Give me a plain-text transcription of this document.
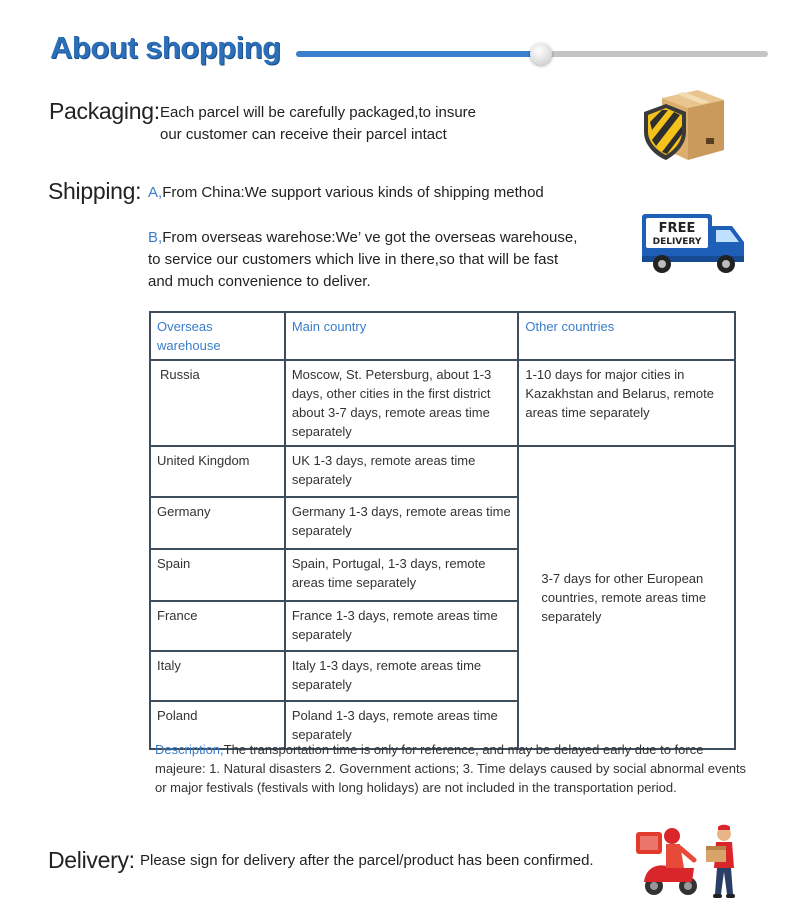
About shopping
Packaging: Each parcel will be carefully packaged,to insure
our customer can receive their parcel intact
Shipping: A,From China:We support various kinds of shipping method
B,From overseas warehose:We’ ve got the overseas warehouse,
to service our customers which live in there,so that will be fast
and much convenience to deliver.
FREE
DELIVERY
Overseas warehouse	Main country	Other countries
Russia	Moscow, St. Petersburg, about 1-3 days, other cities in the first district about 3-7 days, remote areas time separately	1-10 days for major cities in Kazakhstan and Belarus, remote areas time separately
United Kingdom	UK 1-3 days, remote areas time separately	3-7 days for other European countries, remote areas time separately
Germany	Germany 1-3 days, remote areas time separately	
Spain	Spain, Portugal, 1-3 days, remote areas time separately	
France	France 1-3 days, remote areas time separately	
Italy	Italy 1-3 days, remote areas time separately	
Poland	Poland 1-3 days, remote areas time separately	
Description,The transportation time is only for reference, and may be delayed early due to force majeure: 1. Natural disasters 2. Government actions; 3. Time delays caused by social abnormal events or major festivals (festivals with long holidays) are not included in the transportation period.
Delivery: Please sign for delivery after the parcel/product has been confirmed.
